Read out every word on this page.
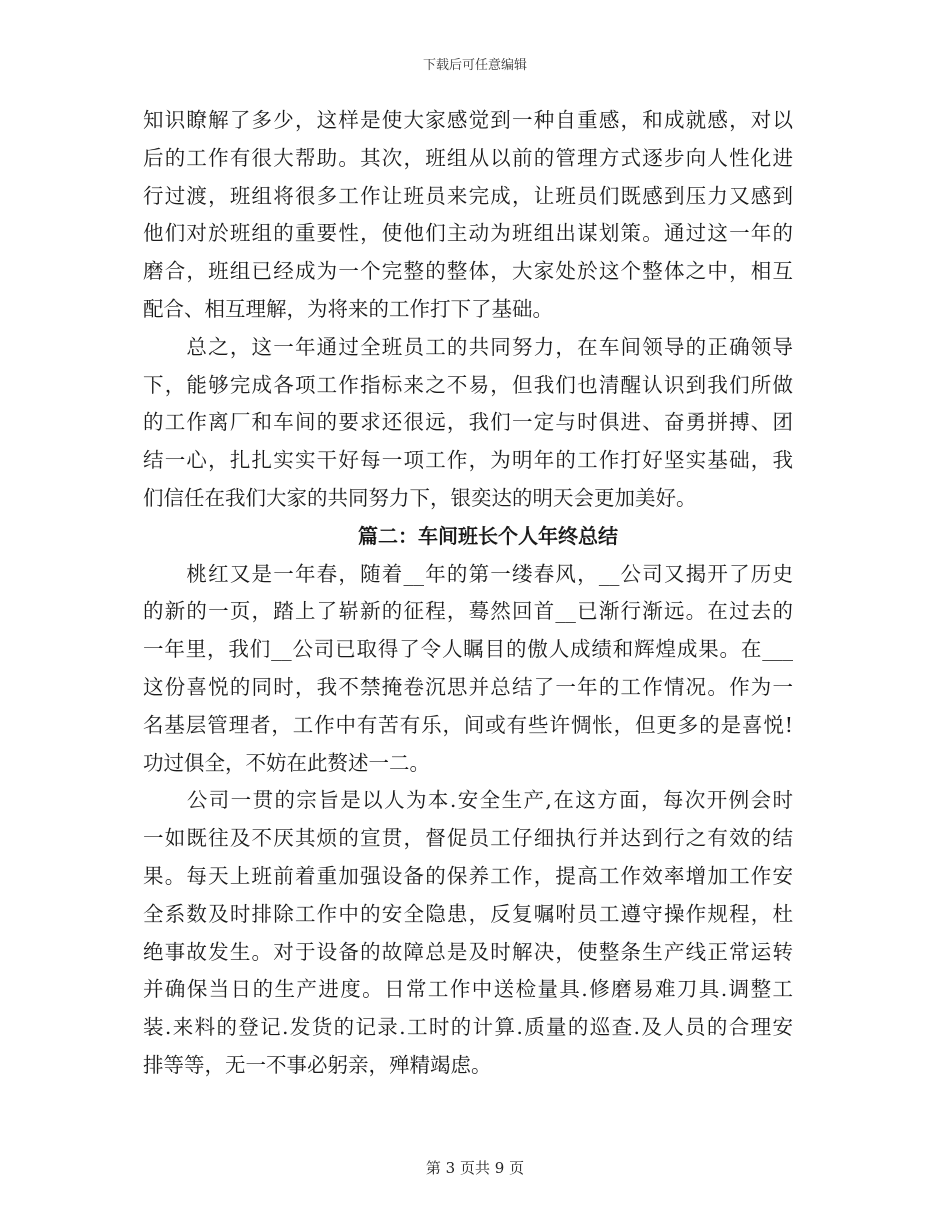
下载后可任意编辑

知识瞭解了多少，这样是使大家感觉到一种自重感，和成就感，对以

后的工作有很大帮助。其次，班组从以前的管理方式逐步向人性化进

行过渡，班组将很多工作让班员来完成，让班员们既感到压力又感到

他们对於班组的重要性，使他们主动为班组出谋划策。通过这一年的

磨合，班组已经成为一个完整的整体，大家处於这个整体之中，相互

配合、相互理解，为将来的工作打下了基础。

　　总之，这一年通过全班员工的共同努力，在车间领导的正确领导

下，能够完成各项工作指标来之不易，但我们也清醒认识到我们所做

的工作离厂和车间的要求还很远，我们一定与时俱进、奋勇拼搏、团

结一心，扎扎实实干好每一项工作，为明年的工作打好坚实基础，我

们信任在我们大家的共同努力下，银奕达的明天会更加美好。

篇二：车间班长个人年终总结

　　桃红又是一年春，随着__年的第一缕春风，__公司又揭开了历史

的新的一页，踏上了崭新的征程，蓦然回首__已渐行渐远。在过去的

一年里，我们__公司已取得了令人瞩目的傲人成绩和辉煌成果。在___

这份喜悦的同时，我不禁掩卷沉思并总结了一年的工作情况。作为一

名基层管理者，工作中有苦有乐，间或有些许惆怅，但更多的是喜悦!

功过俱全，不妨在此赘述一二。

　　公司一贯的宗旨是以人为本.安全生产,在这方面，每次开例会时

一如既往及不厌其烦的宣贯，督促员工仔细执行并达到行之有效的结

果。每天上班前着重加强设备的保养工作，提高工作效率增加工作安

全系数及时排除工作中的安全隐患，反复嘱咐员工遵守操作规程，杜

绝事故发生。对于设备的故障总是及时解决，使整条生产线正常运转

并确保当日的生产进度。日常工作中送检量具.修磨易难刀具.调整工

装.来料的登记.发货的记录.工时的计算.质量的巡查.及人员的合理安

排等等，无一不事必躬亲，殚精竭虑。

第 3 页共 9 页
